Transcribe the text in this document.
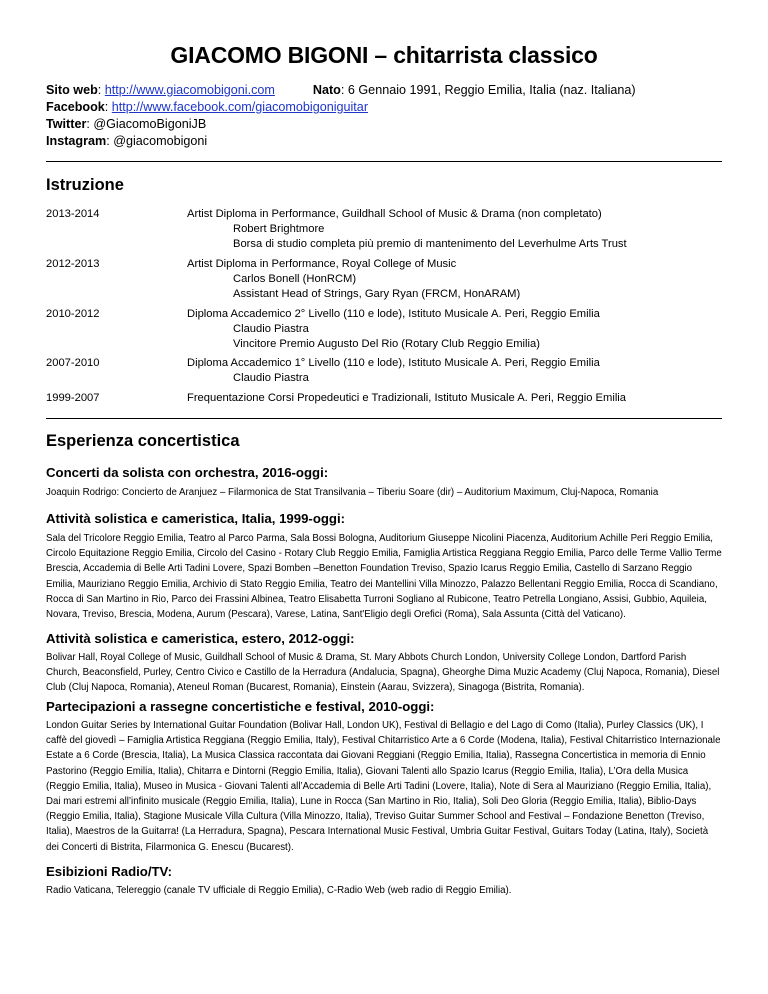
GIACOMO BIGONI – chitarrista classico
Sito web: http://www.giacomobigoni.com	Nato: 6 Gennaio 1991, Reggio Emilia, Italia (naz. Italiana)
Facebook: http://www.facebook.com/giacomobigoniguitar
Twitter: @GiacomoBigoniJB
Instagram: @giacomobigoni
Istruzione
2013-2014	Artist Diploma in Performance, Guildhall School of Music & Drama (non completato)
Robert Brightmore
Borsa di studio completa più premio di mantenimento del Leverhulme Arts Trust
2012-2013	Artist Diploma in Performance, Royal College of Music
Carlos Bonell (HonRCM)
Assistant Head of Strings, Gary Ryan (FRCM, HonARAM)
2010-2012	Diploma Accademico 2° Livello (110 e lode), Istituto Musicale A. Peri, Reggio Emilia
Claudio Piastra
Vincitore Premio Augusto Del Rio (Rotary Club Reggio Emilia)
2007-2010	Diploma Accademico 1° Livello (110 e lode), Istituto Musicale A. Peri, Reggio Emilia
Claudio Piastra
1999-2007	Frequentazione Corsi Propedeutici e Tradizionali, Istituto Musicale A. Peri, Reggio Emilia
Esperienza concertistica
Concerti da solista con orchestra, 2016-oggi:
Joaquin Rodrigo: Concierto de Aranjuez – Filarmonica de Stat Transilvania – Tiberiu Soare (dir) – Auditorium Maximum, Cluj-Napoca, Romania
Attività solistica e cameristica, Italia, 1999-oggi:
Sala del Tricolore Reggio Emilia, Teatro al Parco Parma, Sala Bossi Bologna, Auditorium Giuseppe Nicolini Piacenza, Auditorium Achille Peri Reggio Emilia, Circolo Equitazione Reggio Emilia, Circolo del Casino - Rotary Club Reggio Emilia, Famiglia Artistica Reggiana Reggio Emilia, Parco delle Terme Vallio Terme Brescia, Accademia di Belle Arti Tadini Lovere, Spazi Bomben –Benetton Foundation Treviso, Spazio Icarus Reggio Emilia, Castello di Sarzano Reggio Emilia, Mauriziano Reggio Emilia, Archivio di Stato Reggio Emilia, Teatro dei Mantellini Villa Minozzo, Palazzo Bellentani Reggio Emilia, Rocca di Scandiano, Rocca di San Martino in Rio, Parco dei Frassini Albinea, Teatro Elisabetta Turroni Sogliano al Rubicone, Teatro Petrella Longiano, Assisi, Gubbio, Aquileia, Novara, Treviso, Brescia, Modena, Aurum (Pescara), Varese, Latina, Sant'Eligio degli Orefici (Roma), Sala Assunta (Città del Vaticano).
Attività solistica e cameristica, estero, 2012-oggi:
Bolivar Hall, Royal College of Music, Guildhall School of Music & Drama, St. Mary Abbots Church London, University College London, Dartford Parish Church, Beaconsfield, Purley, Centro Civico e Castillo de la Herradura (Andalucia, Spagna), Gheorghe Dima Muzic Academy (Cluj Napoca, Romania), Diesel Club (Cluj Napoca, Romania), Ateneul Roman (Bucarest, Romania), Einstein (Aarau, Svizzera), Sinagoga (Bistrita, Romania).
Partecipazioni a rassegne concertistiche e festival, 2010-oggi:
London Guitar Series by International Guitar Foundation (Bolivar Hall, London UK), Festival di Bellagio e del Lago di Como (Italia), Purley Classics (UK), I caffè del giovedì – Famiglia Artistica Reggiana (Reggio Emilia, Italy), Festival Chitarristico Arte a 6 Corde (Modena, Italia), Festival Chitarristico Internazionale Estate a 6 Corde (Brescia, Italia), La Musica Classica raccontata dai Giovani Reggiani (Reggio Emilia, Italia), Rassegna Concertistica in memoria di Ennio Pastorino (Reggio Emilia, Italia), Chitarra e Dintorni (Reggio Emilia, Italia), Giovani Talenti allo Spazio Icarus (Reggio Emilia, Italia), L’Ora della Musica (Reggio Emilia, Italia), Museo in Musica - Giovani Talenti all’Accademia di Belle Arti Tadini (Lovere, Italia), Note di Sera al Mauriziano (Reggio Emilia, Italia), Dai mari estremi all’infinito musicale (Reggio Emilia, Italia), Lune in Rocca (San Martino in Rio, Italia), Soli Deo Gloria (Reggio Emilia, Italia), Biblio-Days (Reggio Emilia, Italia), Stagione Musicale Villa Cultura (Villa Minozzo, Italia), Treviso Guitar Summer School and Festival – Fondazione Benetton (Treviso, Italia), Maestros de la Guitarra! (La Herradura, Spagna), Pescara International Music Festival, Umbria Guitar Festival, Guitars Today (Latina, Italy), Società dei Concerti di Bistrita, Filarmonica G. Enescu (Bucarest).
Esibizioni Radio/TV:
Radio Vaticana, Telereggio (canale TV ufficiale di Reggio Emilia), C-Radio Web (web radio di Reggio Emilia).
